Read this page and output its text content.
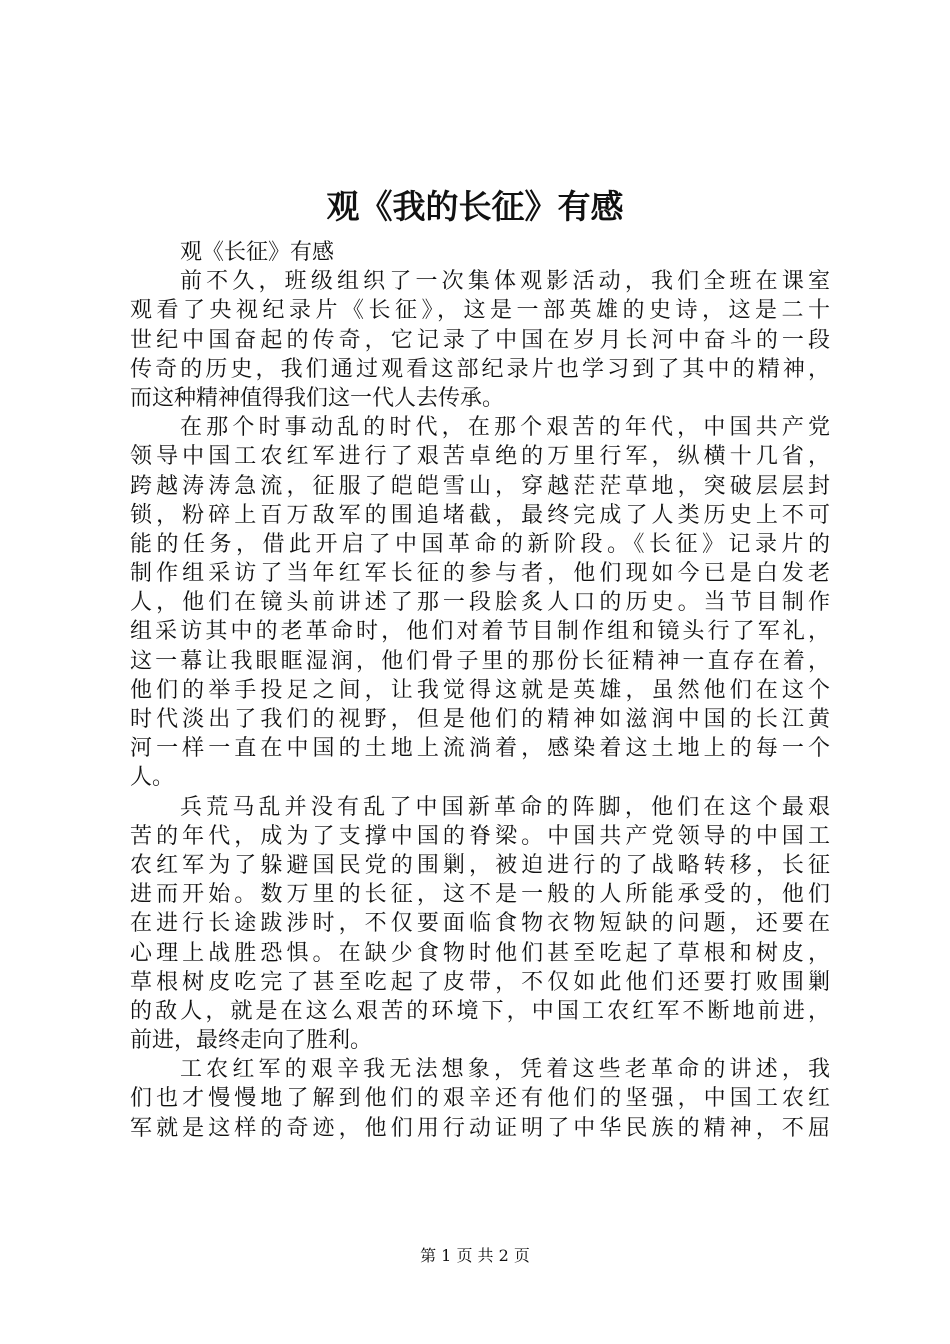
观《我的长征》有感
观《长征》有感
前不久，班级组织了一次集体观影活动，我们全班在课室
观看了央视纪录片《长征》，这是一部英雄的史诗，这是二十
世纪中国奋起的传奇，它记录了中国在岁月长河中奋斗的一段
传奇的历史，我们通过观看这部纪录片也学习到了其中的精神，
而这种精神值得我们这一代人去传承。
在那个时事动乱的时代，在那个艰苦的年代，中国共产党
领导中国工农红军进行了艰苦卓绝的万里行军，纵横十几省，
跨越涛涛急流，征服了皑皑雪山，穿越茫茫草地，突破层层封
锁，粉碎上百万敌军的围追堵截，最终完成了人类历史上不可
能的任务，借此开启了中国革命的新阶段。《长征》记录片的
制作组采访了当年红军长征的参与者，他们现如今已是白发老
人，他们在镜头前讲述了那一段脍炙人口的历史。当节目制作
组采访其中的老革命时，他们对着节目制作组和镜头行了军礼，
这一幕让我眼眶湿润，他们骨子里的那份长征精神一直存在着，
他们的举手投足之间，让我觉得这就是英雄，虽然他们在这个
时代淡出了我们的视野，但是他们的精神如滋润中国的长江黄
河一样一直在中国的土地上流淌着，感染着这土地上的每一个
人。
兵荒马乱并没有乱了中国新革命的阵脚，他们在这个最艰
苦的年代，成为了支撑中国的脊梁。中国共产党领导的中国工
农红军为了躲避国民党的围剿，被迫进行的了战略转移，长征
进而开始。数万里的长征，这不是一般的人所能承受的，他们
在进行长途跋涉时，不仅要面临食物衣物短缺的问题，还要在
心理上战胜恐惧。在缺少食物时他们甚至吃起了草根和树皮，
草根树皮吃完了甚至吃起了皮带，不仅如此他们还要打败围剿
的敌人，就是在这么艰苦的环境下，中国工农红军不断地前进，
前进，最终走向了胜利。
工农红军的艰辛我无法想象，凭着这些老革命的讲述，我
们也才慢慢地了解到他们的艰辛还有他们的坚强，中国工农红
军就是这样的奇迹，他们用行动证明了中华民族的精神，不屈
第 1 页 共 2 页
